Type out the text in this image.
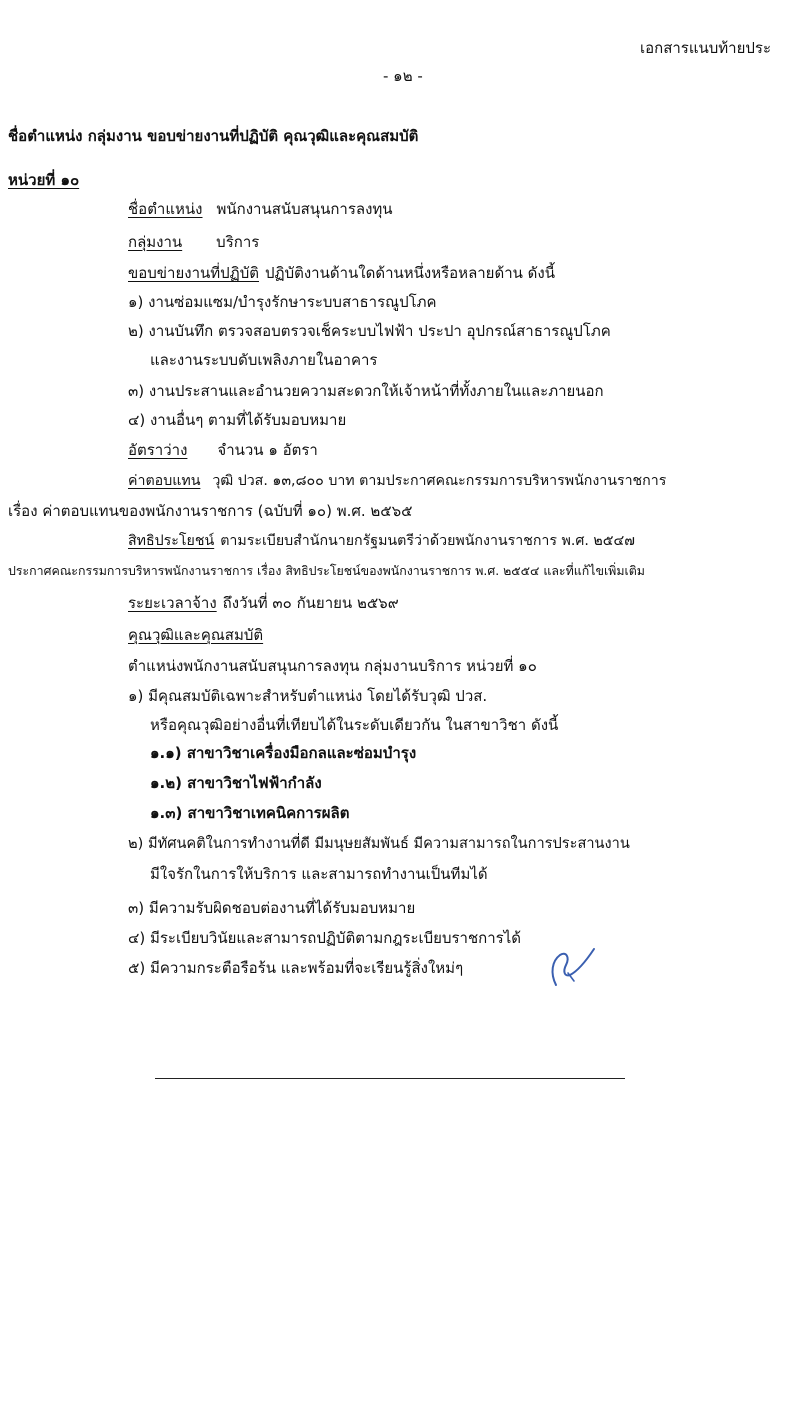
เอกสารแนบท้ายประ
- ๑๒ -
ชื่อตำแหน่ง กลุ่มงาน ขอบข่ายงานที่ปฏิบัติ คุณวุฒิและคุณสมบัติ
หน่วยที่ ๑๐
ชื่อตำแหน่ง พนักงานสนับสนุนการลงทุน
กลุ่มงาน บริการ
ขอบข่ายงานที่ปฏิบัติ ปฏิบัติงานด้านใดด้านหนึ่งหรือหลายด้าน ดังนี้
๑) งานซ่อมแซม/บำรุงรักษาระบบสาธารณูปโภค
๒) งานบันทึก ตรวจสอบตรวจเช็คระบบไฟฟ้า ประปา อุปกรณ์สาธารณูปโภค
และงานระบบดับเพลิงภายในอาคาร
๓) งานประสานและอำนวยความสะดวกให้เจ้าหน้าที่ทั้งภายในและภายนอก
๔) งานอื่นๆ ตามที่ได้รับมอบหมาย
อัตราว่าง จำนวน ๑ อัตรา
ค่าตอบแทน วุฒิ ปวส. ๑๓,๘๐๐ บาท ตามประกาศคณะกรรมการบริหารพนักงานราชการ
เรื่อง ค่าตอบแทนของพนักงานราชการ (ฉบับที่ ๑๐) พ.ศ. ๒๕๖๕
สิทธิประโยชน์ ตามระเบียบสำนักนายกรัฐมนตรีว่าด้วยพนักงานราชการ พ.ศ. ๒๕๔๗
ประกาศคณะกรรมการบริหารพนักงานราชการ เรื่อง สิทธิประโยชน์ของพนักงานราชการ พ.ศ. ๒๕๕๔ และที่แก้ไขเพิ่มเติม
ระยะเวลาจ้าง ถึงวันที่ ๓๐ กันยายน ๒๕๖๙
คุณวุฒิและคุณสมบัติ
ตำแหน่งพนักงานสนับสนุนการลงทุน กลุ่มงานบริการ หน่วยที่ ๑๐
๑) มีคุณสมบัติเฉพาะสำหรับตำแหน่ง โดยได้รับวุฒิ ปวส.
หรือคุณวุฒิอย่างอื่นที่เทียบได้ในระดับเดียวกัน ในสาขาวิชา ดังนี้
๑.๑) สาขาวิชาเครื่องมือกลและซ่อมบำรุง
๑.๒) สาขาวิชาไฟฟ้ากำลัง
๑.๓) สาขาวิชาเทคนิคการผลิต
๒) มีทัศนคติในการทำงานที่ดี มีมนุษยสัมพันธ์ มีความสามารถในการประสานงาน
มีใจรักในการให้บริการ และสามารถทำงานเป็นทีมได้
๓) มีความรับผิดชอบต่องานที่ได้รับมอบหมาย
๔) มีระเบียบวินัยและสามารถปฏิบัติตามกฎระเบียบราชการได้
๕) มีความกระตือรือร้น และพร้อมที่จะเรียนรู้สิ่งใหม่ๆ
